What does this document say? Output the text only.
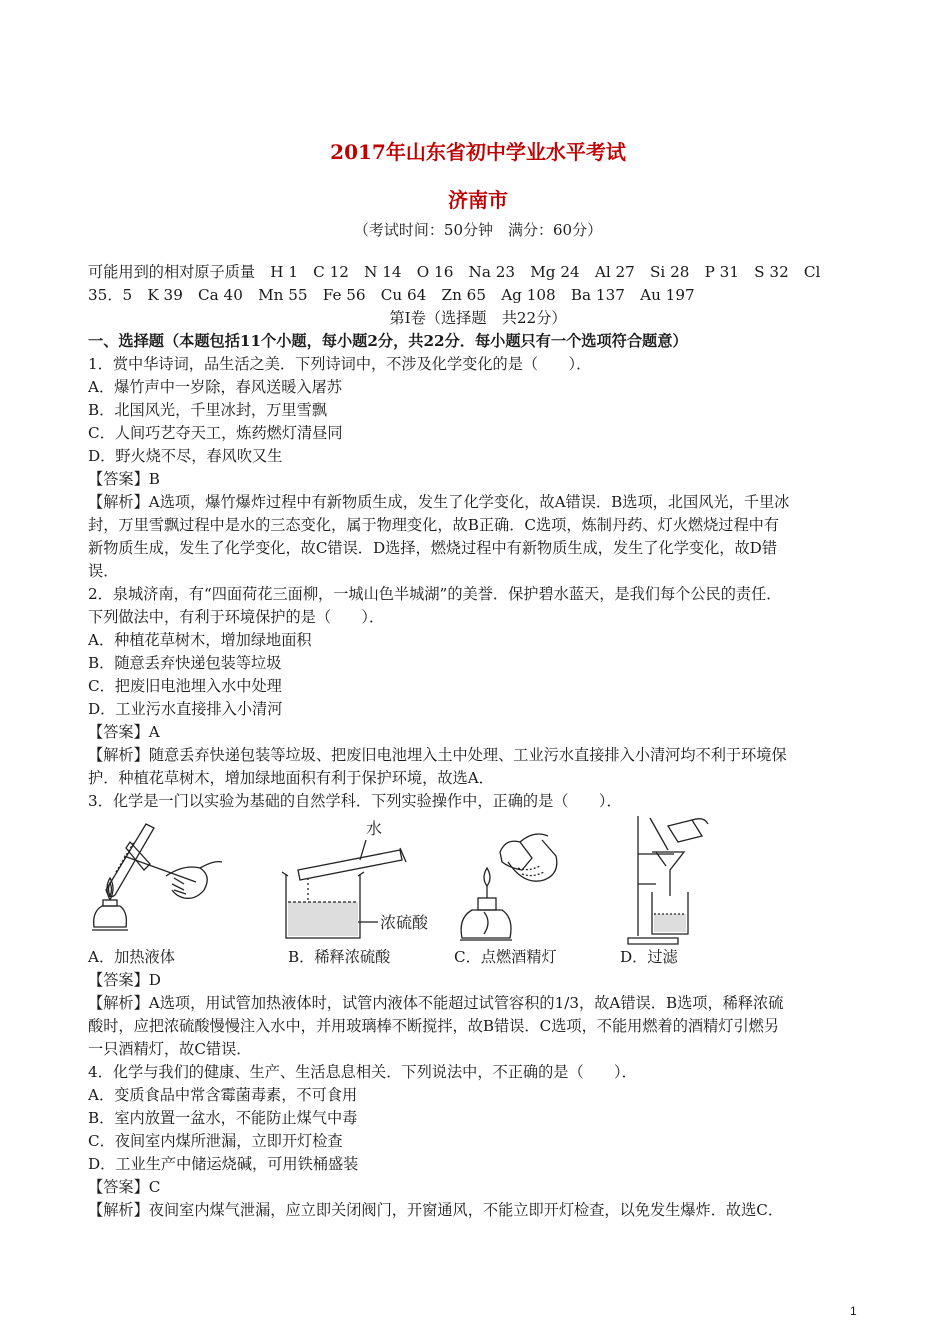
2017年山东省初中学业水平考试
济南市
（考试时间：50分钟　满分：60分）
可能用到的相对原子质量　H 1　C 12　N 14　O 16　Na 23　Mg 24　Al 27　Si 28　P 31　S 32　Cl
35．5　K 39　Ca 40　Mn 55　Fe 56　Cu 64　Zn 65　Ag 108　Ba 137　Au 197
第Ⅰ卷（选择题　共22分）
一、选择题（本题包括11个小题，每小题2分，共22分．每小题只有一个选项符合题意）
1．赏中华诗词，品生活之美．下列诗词中，不涉及化学变化的是（　　）．
A．爆竹声中一岁除，春风送暖入屠苏
B．北国风光，千里冰封，万里雪飘
C．人间巧艺夺天工，炼药燃灯清昼同
D．野火烧不尽，春风吹又生
【答案】B
【解析】A选项，爆竹爆炸过程中有新物质生成，发生了化学变化，故A错误．B选项，北国风光，千里冰
封，万里雪飘过程中是水的三态变化，属于物理变化，故B正确．C选项，炼制丹药、灯火燃烧过程中有
新物质生成，发生了化学变化，故C错误．D选择，燃烧过程中有新物质生成，发生了化学变化，故D错
误．
2．泉城济南，有“四面荷花三面柳，一城山色半城湖”的美誉．保护碧水蓝天，是我们每个公民的责任．
下列做法中，有利于环境保护的是（　　）．
A．种植花草树木，增加绿地面积
B．随意丢弃快递包装等垃圾
C．把废旧电池埋入水中处理
D．工业污水直接排入小清河
【答案】A
【解析】随意丢弃快递包装等垃圾、把废旧电池埋入土中处理、工业污水直接排入小清河均不利于环境保
护．种植花草树木，增加绿地面积有利于保护环境，故选A．
3．化学是一门以实验为基础的自然学科．下列实验操作中，正确的是（　　）．
水
浓硫酸
A．加热液体	B．稀释浓硫酸	C．点燃酒精灯	D．过滤
【答案】D
【解析】A选项，用试管加热液体时，试管内液体不能超过试管容积的1/3，故A错误．B选项，稀释浓硫
酸时，应把浓硫酸慢慢注入水中，并用玻璃棒不断搅拌，故B错误．C选项，不能用燃着的酒精灯引燃另
一只酒精灯，故C错误．
4．化学与我们的健康、生产、生活息息相关．下列说法中，不正确的是（　　）．
A．变质食品中常含霉菌毒素，不可食用
B．室内放置一盆水，不能防止煤气中毒
C．夜间室内煤所泄漏，立即开灯检查
D．工业生产中储运烧碱，可用铁桶盛装
【答案】C
【解析】夜间室内煤气泄漏，应立即关闭阀门，开窗通风，不能立即开灯检查，以免发生爆炸．故选C．
1
